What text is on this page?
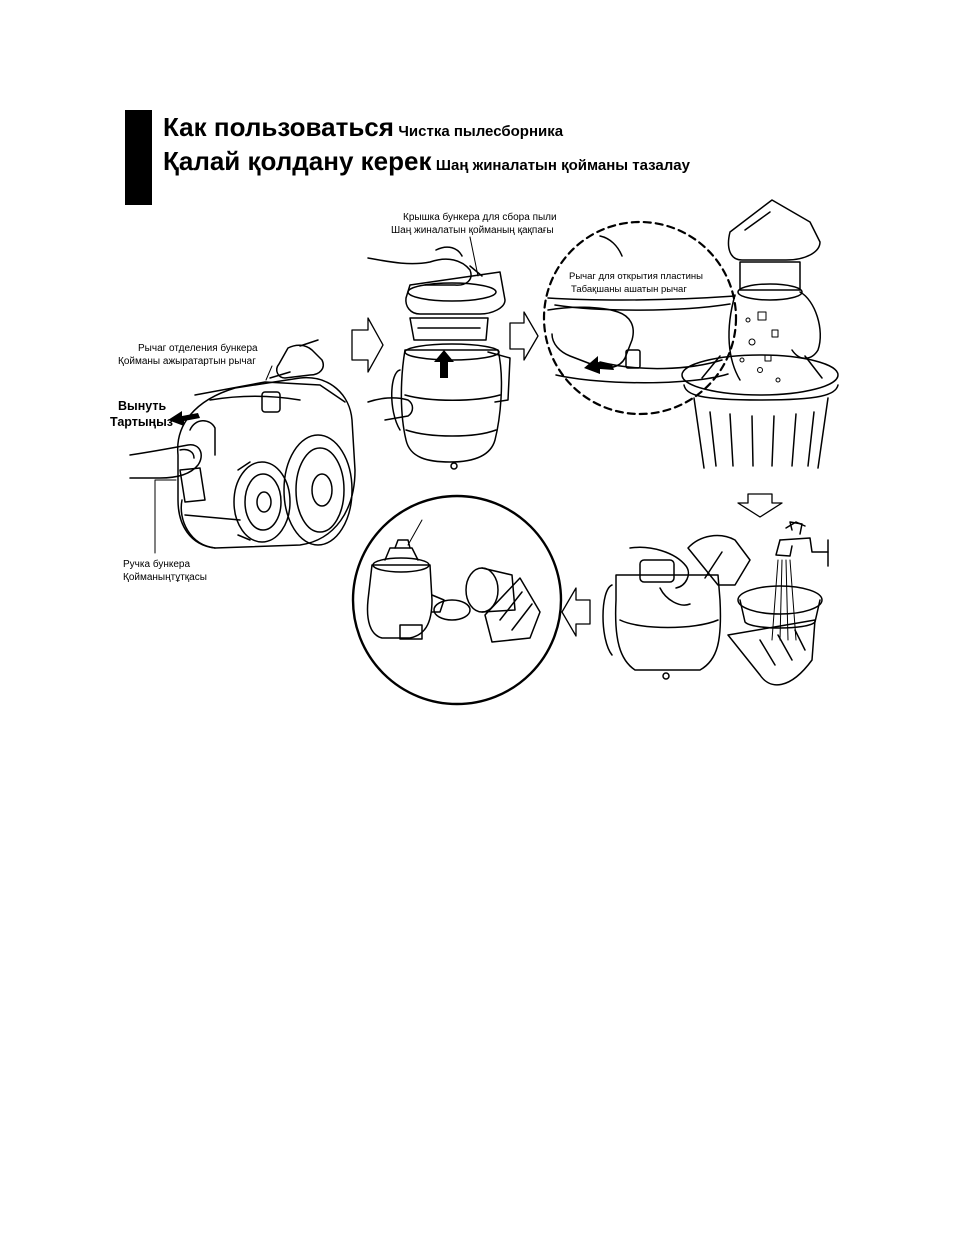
Как пользоваться Чистка пылесборника
Қалай қолдану керек Шаң жиналатын қойманы тазалау
Крышка бункера для сбора пыли
Шаң жиналатын қойманың қақпағы
Рычаг отделения бункера
Қойманы ажыратартын рычаг
Вынуть
Тартыңыз
Рычаг для открытия пластины
Табақшаны ашатын рычаг
Ручка бункера
Қойманыңтұтқасы
